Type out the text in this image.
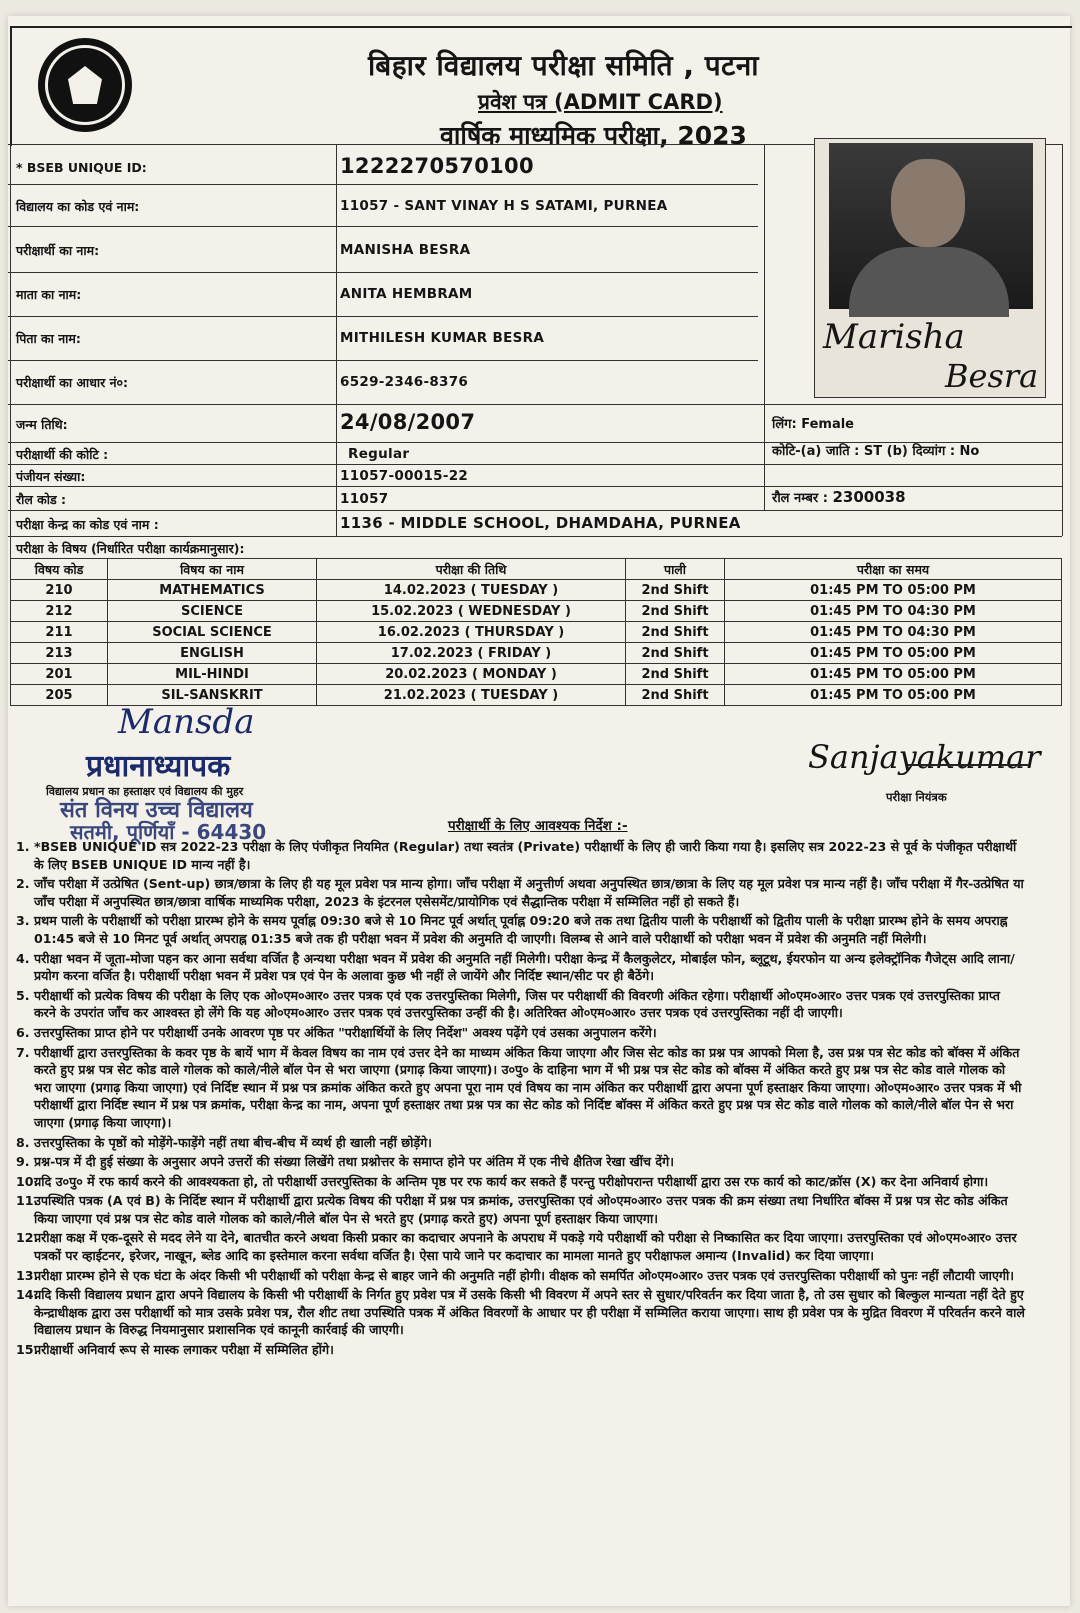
बिहार विद्यालय परीक्षा समिति , पटना
प्रवेश पत्र (ADMIT CARD)
वार्षिक माध्यमिक परीक्षा, 2023
* BSEB UNIQUE ID:	1222270570100
विद्यालय का कोड एवं नाम:	11057 - SANT VINAY H S SATAMI, PURNEA
परीक्षार्थी का नाम:	MANISHA BESRA
माता का नाम:	ANITA HEMBRAM
पिता का नाम:	MITHILESH KUMAR BESRA
परीक्षार्थी का आधार नं०:	6529-2346-8376
जन्म तिथि:	24/08/2007
परीक्षार्थी की कोटि :	Regular
पंजीयन संख्या:	11057-00015-22
रौल कोड :	11057
परीक्षा केन्द्र का कोड एवं नाम :	1136 - MIDDLE SCHOOL, DHAMDAHA, PURNEA
परीक्षा के विषय (निर्धारित परीक्षा कार्यक्रमानुसार):
लिंग: Female
कोटि-(a) जाति : ST (b) दिव्यांग : No
रौल नम्बर : 2300038
Marisha
Besra
विषय कोड	विषय का नाम	परीक्षा की तिथि	पाली	परीक्षा का समय
210	MATHEMATICS	14.02.2023 ( TUESDAY )	2nd Shift	01:45 PM TO 05:00 PM
212	SCIENCE	15.02.2023 ( WEDNESDAY )	2nd Shift	01:45 PM TO 04:30 PM
211	SOCIAL SCIENCE	16.02.2023 ( THURSDAY )	2nd Shift	01:45 PM TO 04:30 PM
213	ENGLISH	17.02.2023 ( FRIDAY )	2nd Shift	01:45 PM TO 05:00 PM
201	MIL-HINDI	20.02.2023 ( MONDAY )	2nd Shift	01:45 PM TO 05:00 PM
205	SIL-SANSKRIT	21.02.2023 ( TUESDAY )	2nd Shift	01:45 PM TO 05:00 PM
Mansda
प्रधानाध्यापक
विद्यालय प्रधान का हस्ताक्षर एवं विद्यालय की मुहर
संत विनय उच्च विद्यालय
सतमी, पूर्णियाँ - 64430
Sanjayakumar
परीक्षा नियंत्रक
परीक्षार्थी के लिए आवश्यक निर्देश :-
1. *BSEB UNIQUE ID सत्र 2022-23 परीक्षा के लिए पंजीकृत नियमित (Regular) तथा स्वतंत्र (Private) परीक्षार्थी के लिए ही जारी किया गया है। इसलिए सत्र 2022-23 से पूर्व के पंजीकृत परीक्षार्थी के लिए BSEB UNIQUE ID मान्य नहीं है।
2. जाँच परीक्षा में उत्प्रेषित (Sent-up) छात्र/छात्रा के लिए ही यह मूल प्रवेश पत्र मान्य होगा। जाँच परीक्षा में अनुत्तीर्ण अथवा अनुपस्थित छात्र/छात्रा के लिए यह मूल प्रवेश पत्र मान्य नहीं है। जाँच परीक्षा में गैर-उत्प्रेषित या जाँच परीक्षा में अनुपस्थित छात्र/छात्रा वार्षिक माध्यमिक परीक्षा, 2023 के इंटरनल एसेसमेंट/प्रायोगिक एवं सैद्धान्तिक परीक्षा में सम्मिलित नहीं हो सकते हैं।
3. प्रथम पाली के परीक्षार्थी को परीक्षा प्रारम्भ होने के समय पूर्वाह्न 09:30 बजे से 10 मिनट पूर्व अर्थात् पूर्वाह्न 09:20 बजे तक तथा द्वितीय पाली के परीक्षार्थी को द्वितीय पाली के परीक्षा प्रारम्भ होने के समय अपराह्न 01:45 बजे से 10 मिनट पूर्व अर्थात् अपराह्न 01:35 बजे तक ही परीक्षा भवन में प्रवेश की अनुमति दी जाएगी। विलम्ब से आने वाले परीक्षार्थी को परीक्षा भवन में प्रवेश की अनुमति नहीं मिलेगी।
4. परीक्षा भवन में जूता-मोजा पहन कर आना सर्वथा वर्जित है अन्यथा परीक्षा भवन में प्रवेश की अनुमति नहीं मिलेगी। परीक्षा केन्द्र में कैलकुलेटर, मोबाईल फोन, ब्लूटूथ, ईयरफोन या अन्य इलेक्ट्रॉनिक गैजेट्स आदि लाना/प्रयोग करना वर्जित है। परीक्षार्थी परीक्षा भवन में प्रवेश पत्र एवं पेन के अलावा कुछ भी नहीं ले जायेंगे और निर्दिष्ट स्थान/सीट पर ही बैठेंगे।
5. परीक्षार्थी को प्रत्येक विषय की परीक्षा के लिए एक ओ०एम०आर० उत्तर पत्रक एवं एक उत्तरपुस्तिका मिलेगी, जिस पर परीक्षार्थी की विवरणी अंकित रहेगा। परीक्षार्थी ओ०एम०आर० उत्तर पत्रक एवं उत्तरपुस्तिका प्राप्त करने के उपरांत जाँच कर आश्वस्त हो लेंगे कि यह ओ०एम०आर० उत्तर पत्रक एवं उत्तरपुस्तिका उन्हीं की है। अतिरिक्त ओ०एम०आर० उत्तर पत्रक एवं उत्तरपुस्तिका नहीं दी जाएगी।
6. उत्तरपुस्तिका प्राप्त होने पर परीक्षार्थी उनके आवरण पृष्ठ पर अंकित "परीक्षार्थियों के लिए निर्देश" अवश्य पढ़ेंगे एवं उसका अनुपालन करेंगे।
7. परीक्षार्थी द्वारा उत्तरपुस्तिका के कवर पृष्ठ के बायें भाग में केवल विषय का नाम एवं उत्तर देने का माध्यम अंकित किया जाएगा और जिस सेट कोड का प्रश्न पत्र आपको मिला है, उस प्रश्न पत्र सेट कोड को बॉक्स में अंकित करते हुए प्रश्न पत्र सेट कोड वाले गोलक को काले/नीले बॉल पेन से भरा जाएगा (प्रगाढ़ किया जाएगा)। उ०पु० के दाहिना भाग में भी प्रश्न पत्र सेट कोड को बॉक्स में अंकित करते हुए प्रश्न पत्र सेट कोड वाले गोलक को भरा जाएगा (प्रगाढ़ किया जाएगा) एवं निर्दिष्ट स्थान में प्रश्न पत्र क्रमांक अंकित करते हुए अपना पूरा नाम एवं विषय का नाम अंकित कर परीक्षार्थी द्वारा अपना पूर्ण हस्ताक्षर किया जाएगा। ओ०एम०आर० उत्तर पत्रक में भी परीक्षार्थी द्वारा निर्दिष्ट स्थान में प्रश्न पत्र क्रमांक, परीक्षा केन्द्र का नाम, अपना पूर्ण हस्ताक्षर तथा प्रश्न पत्र का सेट कोड को निर्दिष्ट बॉक्स में अंकित करते हुए प्रश्न पत्र सेट कोड वाले गोलक को काले/नीले बॉल पेन से भरा जाएगा (प्रगाढ़ किया जाएगा)।
8. उत्तरपुस्तिका के पृष्ठों को मोड़ेंगे-फाड़ेंगे नहीं तथा बीच-बीच में व्यर्थ ही खाली नहीं छोड़ेंगे।
9. प्रश्न-पत्र में दी हुई संख्या के अनुसार अपने उत्तरों की संख्या लिखेंगे तथा प्रश्नोत्तर के समाप्त होने पर अंतिम में एक नीचे क्षैतिज रेखा खींच देंगे।
10.
यदि उ०पु० में रफ कार्य करने की आवश्यकता हो, तो परीक्षार्थी उत्तरपुस्तिका के अन्तिम पृष्ठ पर रफ कार्य कर सकते हैं परन्तु परीक्षोपरान्त परीक्षार्थी द्वारा उस रफ कार्य को काट/क्रॉस (X) कर देना अनिवार्य होगा।
11.
उपस्थिति पत्रक (A एवं B) के निर्दिष्ट स्थान में परीक्षार्थी द्वारा प्रत्येक विषय की परीक्षा में प्रश्न पत्र क्रमांक, उत्तरपुस्तिका एवं ओ०एम०आर० उत्तर पत्रक की क्रम संख्या तथा निर्धारित बॉक्स में प्रश्न पत्र सेट कोड अंकित किया जाएगा एवं प्रश्न पत्र सेट कोड वाले गोलक को काले/नीले बॉल पेन से भरते हुए (प्रगाढ़ करते हुए) अपना पूर्ण हस्ताक्षर किया जाएगा।
12.
परीक्षा कक्ष में एक-दूसरे से मदद लेने या देने, बातचीत करने अथवा किसी प्रकार का कदाचार अपनाने के अपराध में पकड़े गये परीक्षार्थी को परीक्षा से निष्कासित कर दिया जाएगा। उत्तरपुस्तिका एवं ओ०एम०आर० उत्तर पत्रकों पर व्हाईटनर, इरेजर, नाखून, ब्लेड आदि का इस्तेमाल करना सर्वथा वर्जित है। ऐसा पाये जाने पर कदाचार का मामला मानते हुए परीक्षाफल अमान्य (Invalid) कर दिया जाएगा।
13.
परीक्षा प्रारम्भ होने से एक घंटा के अंदर किसी भी परीक्षार्थी को परीक्षा केन्द्र से बाहर जाने की अनुमति नहीं होगी। वीक्षक को समर्पित ओ०एम०आर० उत्तर पत्रक एवं उत्तरपुस्तिका परीक्षार्थी को पुनः नहीं लौटायी जाएगी।
14.
यदि किसी विद्यालय प्रधान द्वारा अपने विद्यालय के किसी भी परीक्षार्थी के निर्गत हुए प्रवेश पत्र में उसके किसी भी विवरण में अपने स्तर से सुधार/परिवर्तन कर दिया जाता है, तो उस सुधार को बिल्कुल मान्यता नहीं देते हुए केन्द्राधीक्षक द्वारा उस परीक्षार्थी को मात्र उसके प्रवेश पत्र, रौल शीट तथा उपस्थिति पत्रक में अंकित विवरणों के आधार पर ही परीक्षा में सम्मिलित कराया जाएगा। साथ ही प्रवेश पत्र के मुद्रित विवरण में परिवर्तन करने वाले विद्यालय प्रधान के विरुद्ध नियमानुसार प्रशासनिक एवं कानूनी कार्रवाई की जाएगी।
15.
परीक्षार्थी अनिवार्य रूप से मास्क लगाकर परीक्षा में सम्मिलित होंगे।
